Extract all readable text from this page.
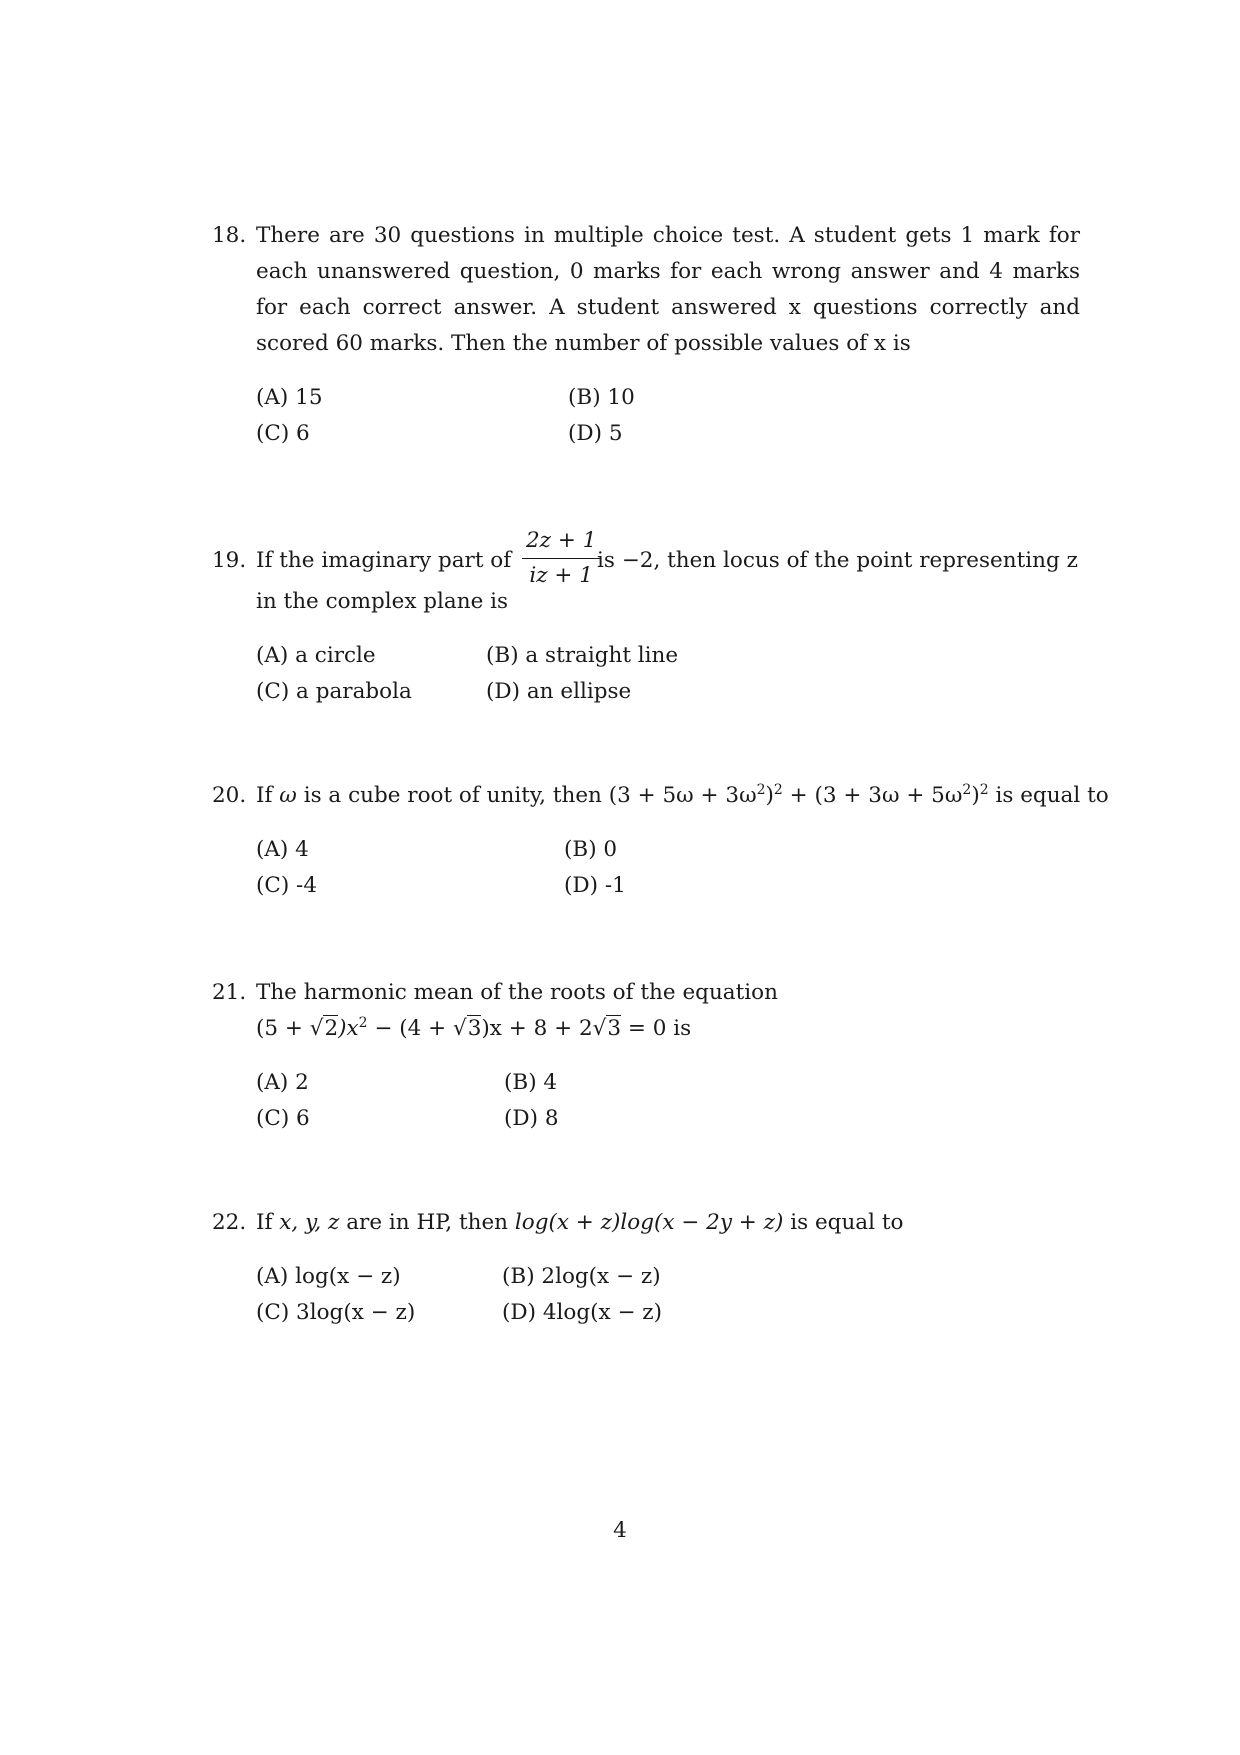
18. There are 30 questions in multiple choice test. A student gets 1 mark for each unanswered question, 0 marks for each wrong answer and 4 marks for each correct answer. A student answered x questions correctly and scored 60 marks. Then the number of possible values of x is
(A) 15	(B) 10
(C) 6	(D) 5
19. If the imaginary part of $\frac{2z + 1}{iz + 1}$
is −2, then locus of the point representing z
in the complex plane is
(A) a circle	(B) a straight line
(C) a parabola	(D) an ellipse
20. If ω is a cube root of unity, then $(3 + 5\omega + 3\omega^2)^2 + (3 + 3\omega + 5\omega^2)^2$ is equal to
(A) 4	(B) 0
(C) -4	(D) -1
21. The harmonic mean of the roots of the equation
$(5 + √2)x^2 - (4 + √3)x + 8 + 2√3 = 0$ is
(A) 2	(B) 4
(C) 6	(D) 8
22. If x, y, z are in HP, then log(x + z)log(x − 2y + z) is equal to
(A) log(x − z)	(B) 2log(x − z)
(C) 3log(x − z)	(D) 4log(x − z)
4
